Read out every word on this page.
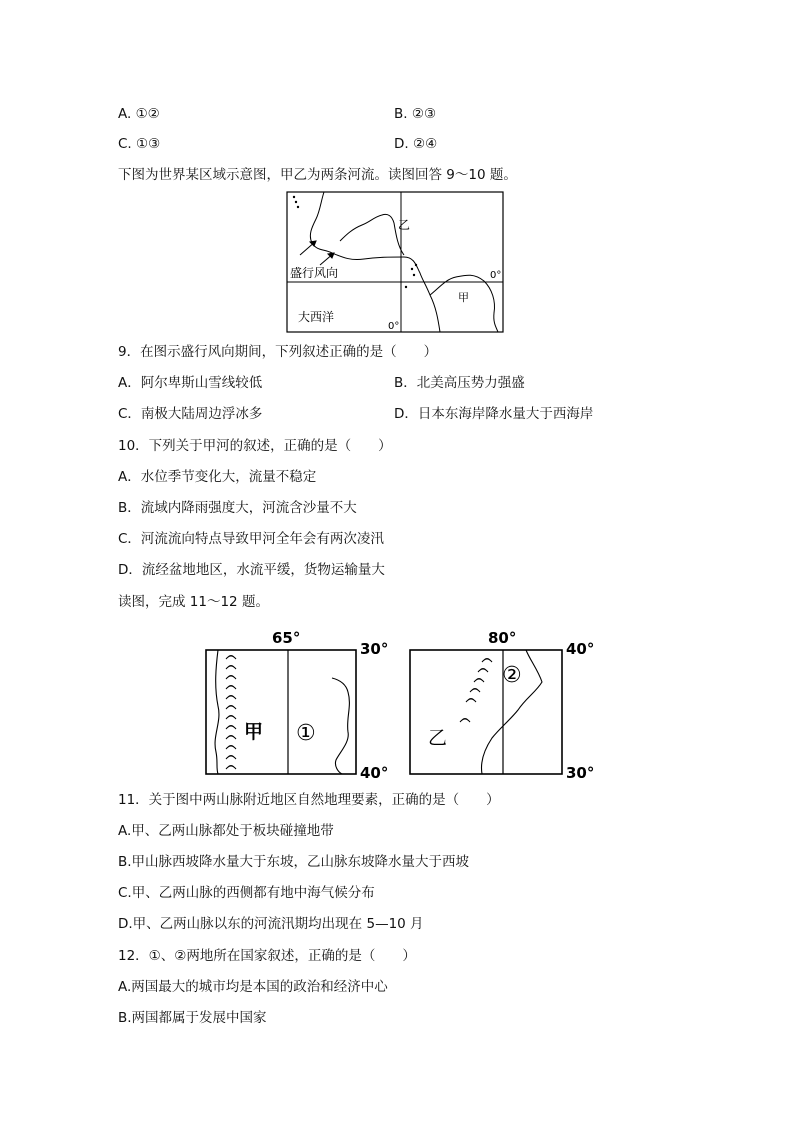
A. ①②	B. ②③
C. ①③	D. ②④
下图为世界某区域示意图，甲乙为两条河流。读图回答 9～10 题。
乙
甲
盛行风向
大西洋
0°
0°
9．在图示盛行风向期间，下列叙述正确的是（　　）
A．阿尔卑斯山雪线较低	B．北美高压势力强盛
C．南极大陆周边浮冰多	D．日本东海岸降水量大于西海岸
10．下列关于甲河的叙述，正确的是（　　）
A．水位季节变化大，流量不稳定
B．流域内降雨强度大，河流含沙量不大
C．河流流向特点导致甲河全年会有两次凌汛
D．流经盆地地区，水流平缓，货物运输量大
读图，完成 11～12 题。
65°
30°
40°
甲 ①
80°
40°
30°
乙
②
11．关于图中两山脉附近地区自然地理要素，正确的是（　　）
A.甲、乙两山脉都处于板块碰撞地带
B.甲山脉西坡降水量大于东坡，乙山脉东坡降水量大于西坡
C.甲、乙两山脉的西侧都有地中海气候分布
D.甲、乙两山脉以东的河流汛期均出现在 5—10 月
12．①、②两地所在国家叙述，正确的是（　　）
A.两国最大的城市均是本国的政治和经济中心
B.两国都属于发展中国家
